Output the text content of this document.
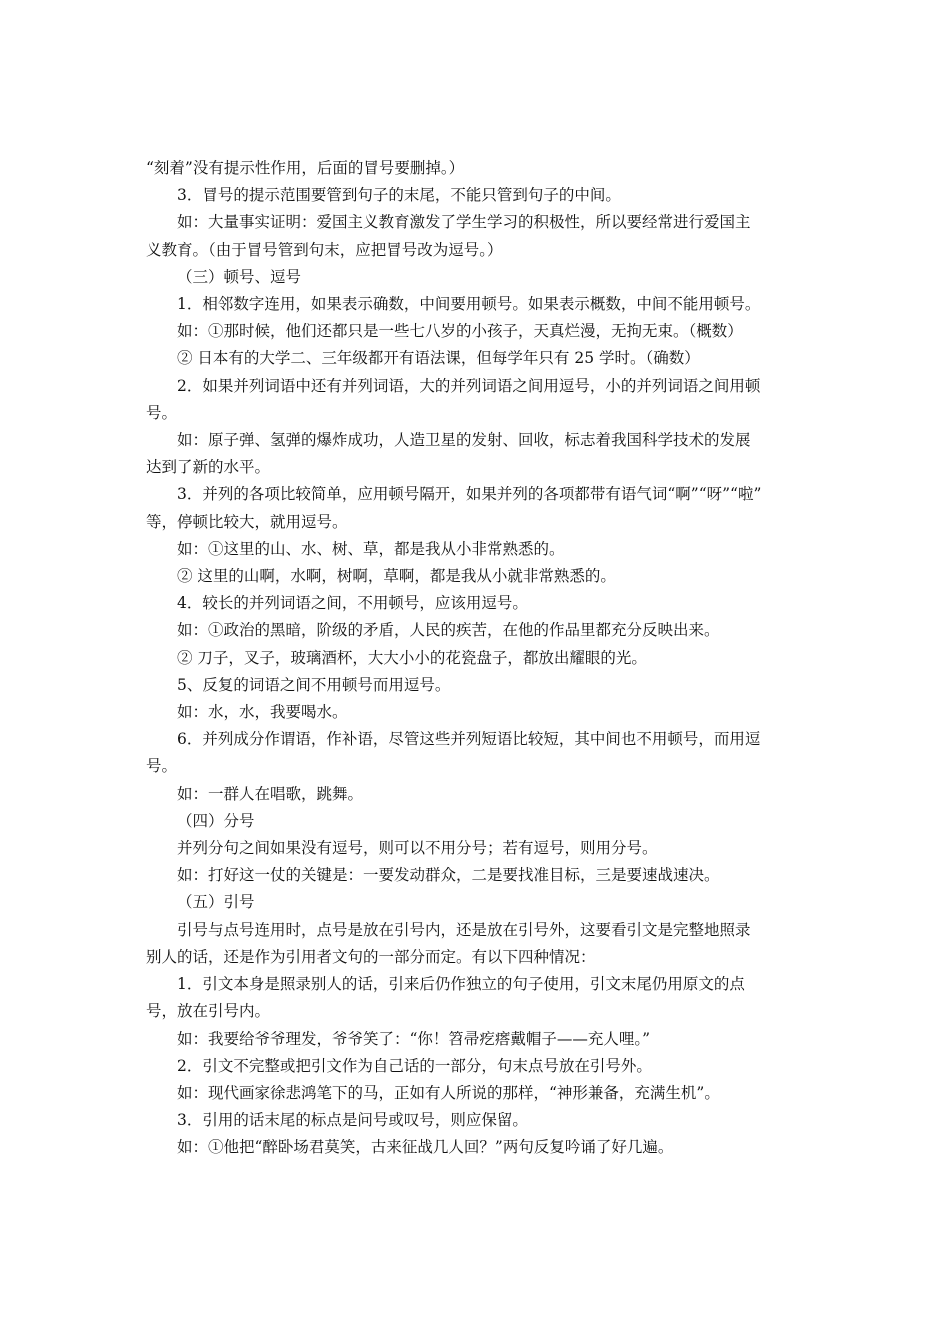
“刻着”没有提示性作用，后面的冒号要删掉。）

3．冒号的提示范围要管到句子的末尾，不能只管到句子的中间。

如：大量事实证明：爱国主义教育激发了学生学习的积极性，所以要经常进行爱国主

义教育。（由于冒号管到句末，应把冒号改为逗号。）

（三）顿号、逗号

1．相邻数字连用，如果表示确数，中间要用顿号。如果表示概数，中间不能用顿号。

如：①那时候，他们还都只是一些七八岁的小孩子，天真烂漫，无拘无束。（概数）

② 日本有的大学二、三年级都开有语法课，但每学年只有 25 学时。（确数）

2．如果并列词语中还有并列词语，大的并列词语之间用逗号，小的并列词语之间用顿

号。

如：原子弹、氢弹的爆炸成功，人造卫星的发射、回收，标志着我国科学技术的发展

达到了新的水平。

3．并列的各项比较简单，应用顿号隔开，如果并列的各项都带有语气词“啊”“呀”“啦”

等，停顿比较大，就用逗号。

如：①这里的山、水、树、草，都是我从小非常熟悉的。

② 这里的山啊，水啊，树啊，草啊，都是我从小就非常熟悉的。

4．较长的并列词语之间，不用顿号，应该用逗号。

如：①政治的黑暗，阶级的矛盾，人民的疾苦，在他的作品里都充分反映出来。

② 刀子，叉子，玻璃酒杯，大大小小的花瓷盘子，都放出耀眼的光。

5、反复的词语之间不用顿号而用逗号。

如：水，水，我要喝水。

6．并列成分作谓语，作补语，尽管这些并列短语比较短，其中间也不用顿号，而用逗

号。

如：一群人在唱歌，跳舞。

（四）分号

并列分句之间如果没有逗号，则可以不用分号；若有逗号，则用分号。

如：打好这一仗的关键是：一要发动群众，二是要找准目标，三是要速战速决。

（五）引号

引号与点号连用时，点号是放在引号内，还是放在引号外，这要看引文是完整地照录

别人的话，还是作为引用者文句的一部分而定。有以下四种情况：

1．引文本身是照录别人的话，引来后仍作独立的句子使用，引文末尾仍用原文的点

号，放在引号内。

如：我要给爷爷理发，爷爷笑了：“你！笤帚疙瘩戴帽子——充人哩。”

2．引文不完整或把引文作为自己话的一部分，句末点号放在引号外。

如：现代画家徐悲鸿笔下的马，正如有人所说的那样，“神形兼备，充满生机”。

3．引用的话末尾的标点是问号或叹号，则应保留。

如：①他把“醉卧场君莫笑，古来征战几人回？”两句反复吟诵了好几遍。
